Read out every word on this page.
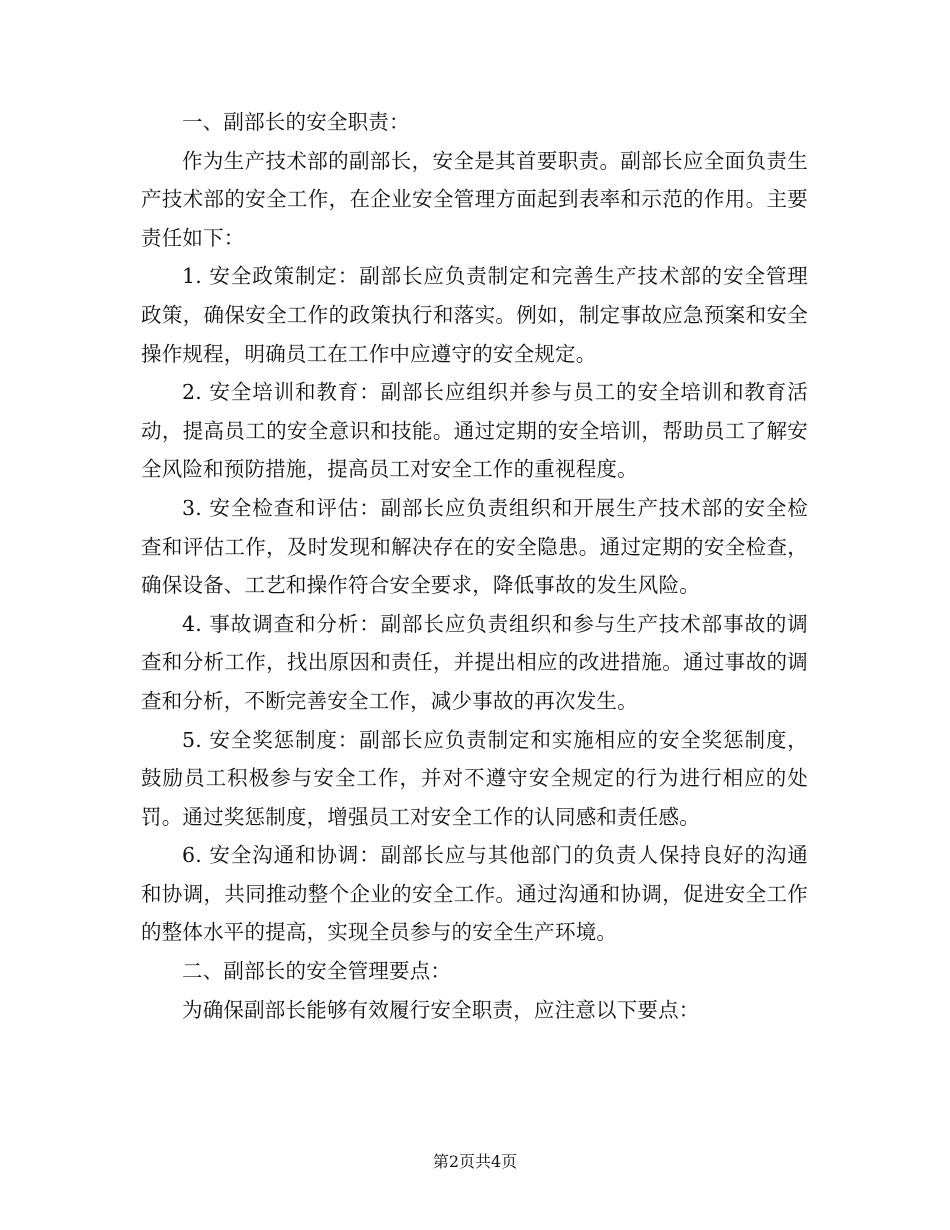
一、副部长的安全职责：

作为生产技术部的副部长，安全是其首要职责。副部长应全面负责生产技术部的安全工作，在企业安全管理方面起到表率和示范的作用。主要责任如下：

1. 安全政策制定：副部长应负责制定和完善生产技术部的安全管理政策，确保安全工作的政策执行和落实。例如，制定事故应急预案和安全操作规程，明确员工在工作中应遵守的安全规定。

2. 安全培训和教育：副部长应组织并参与员工的安全培训和教育活动，提高员工的安全意识和技能。通过定期的安全培训，帮助员工了解安全风险和预防措施，提高员工对安全工作的重视程度。

3. 安全检查和评估：副部长应负责组织和开展生产技术部的安全检查和评估工作，及时发现和解决存在的安全隐患。通过定期的安全检查，确保设备、工艺和操作符合安全要求，降低事故的发生风险。

4. 事故调查和分析：副部长应负责组织和参与生产技术部事故的调查和分析工作，找出原因和责任，并提出相应的改进措施。通过事故的调查和分析，不断完善安全工作，减少事故的再次发生。

5. 安全奖惩制度：副部长应负责制定和实施相应的安全奖惩制度，鼓励员工积极参与安全工作，并对不遵守安全规定的行为进行相应的处罚。通过奖惩制度，增强员工对安全工作的认同感和责任感。

6. 安全沟通和协调：副部长应与其他部门的负责人保持良好的沟通和协调，共同推动整个企业的安全工作。通过沟通和协调，促进安全工作的整体水平的提高，实现全员参与的安全生产环境。

二、副部长的安全管理要点：

为确保副部长能够有效履行安全职责，应注意以下要点：

第2页共4页
